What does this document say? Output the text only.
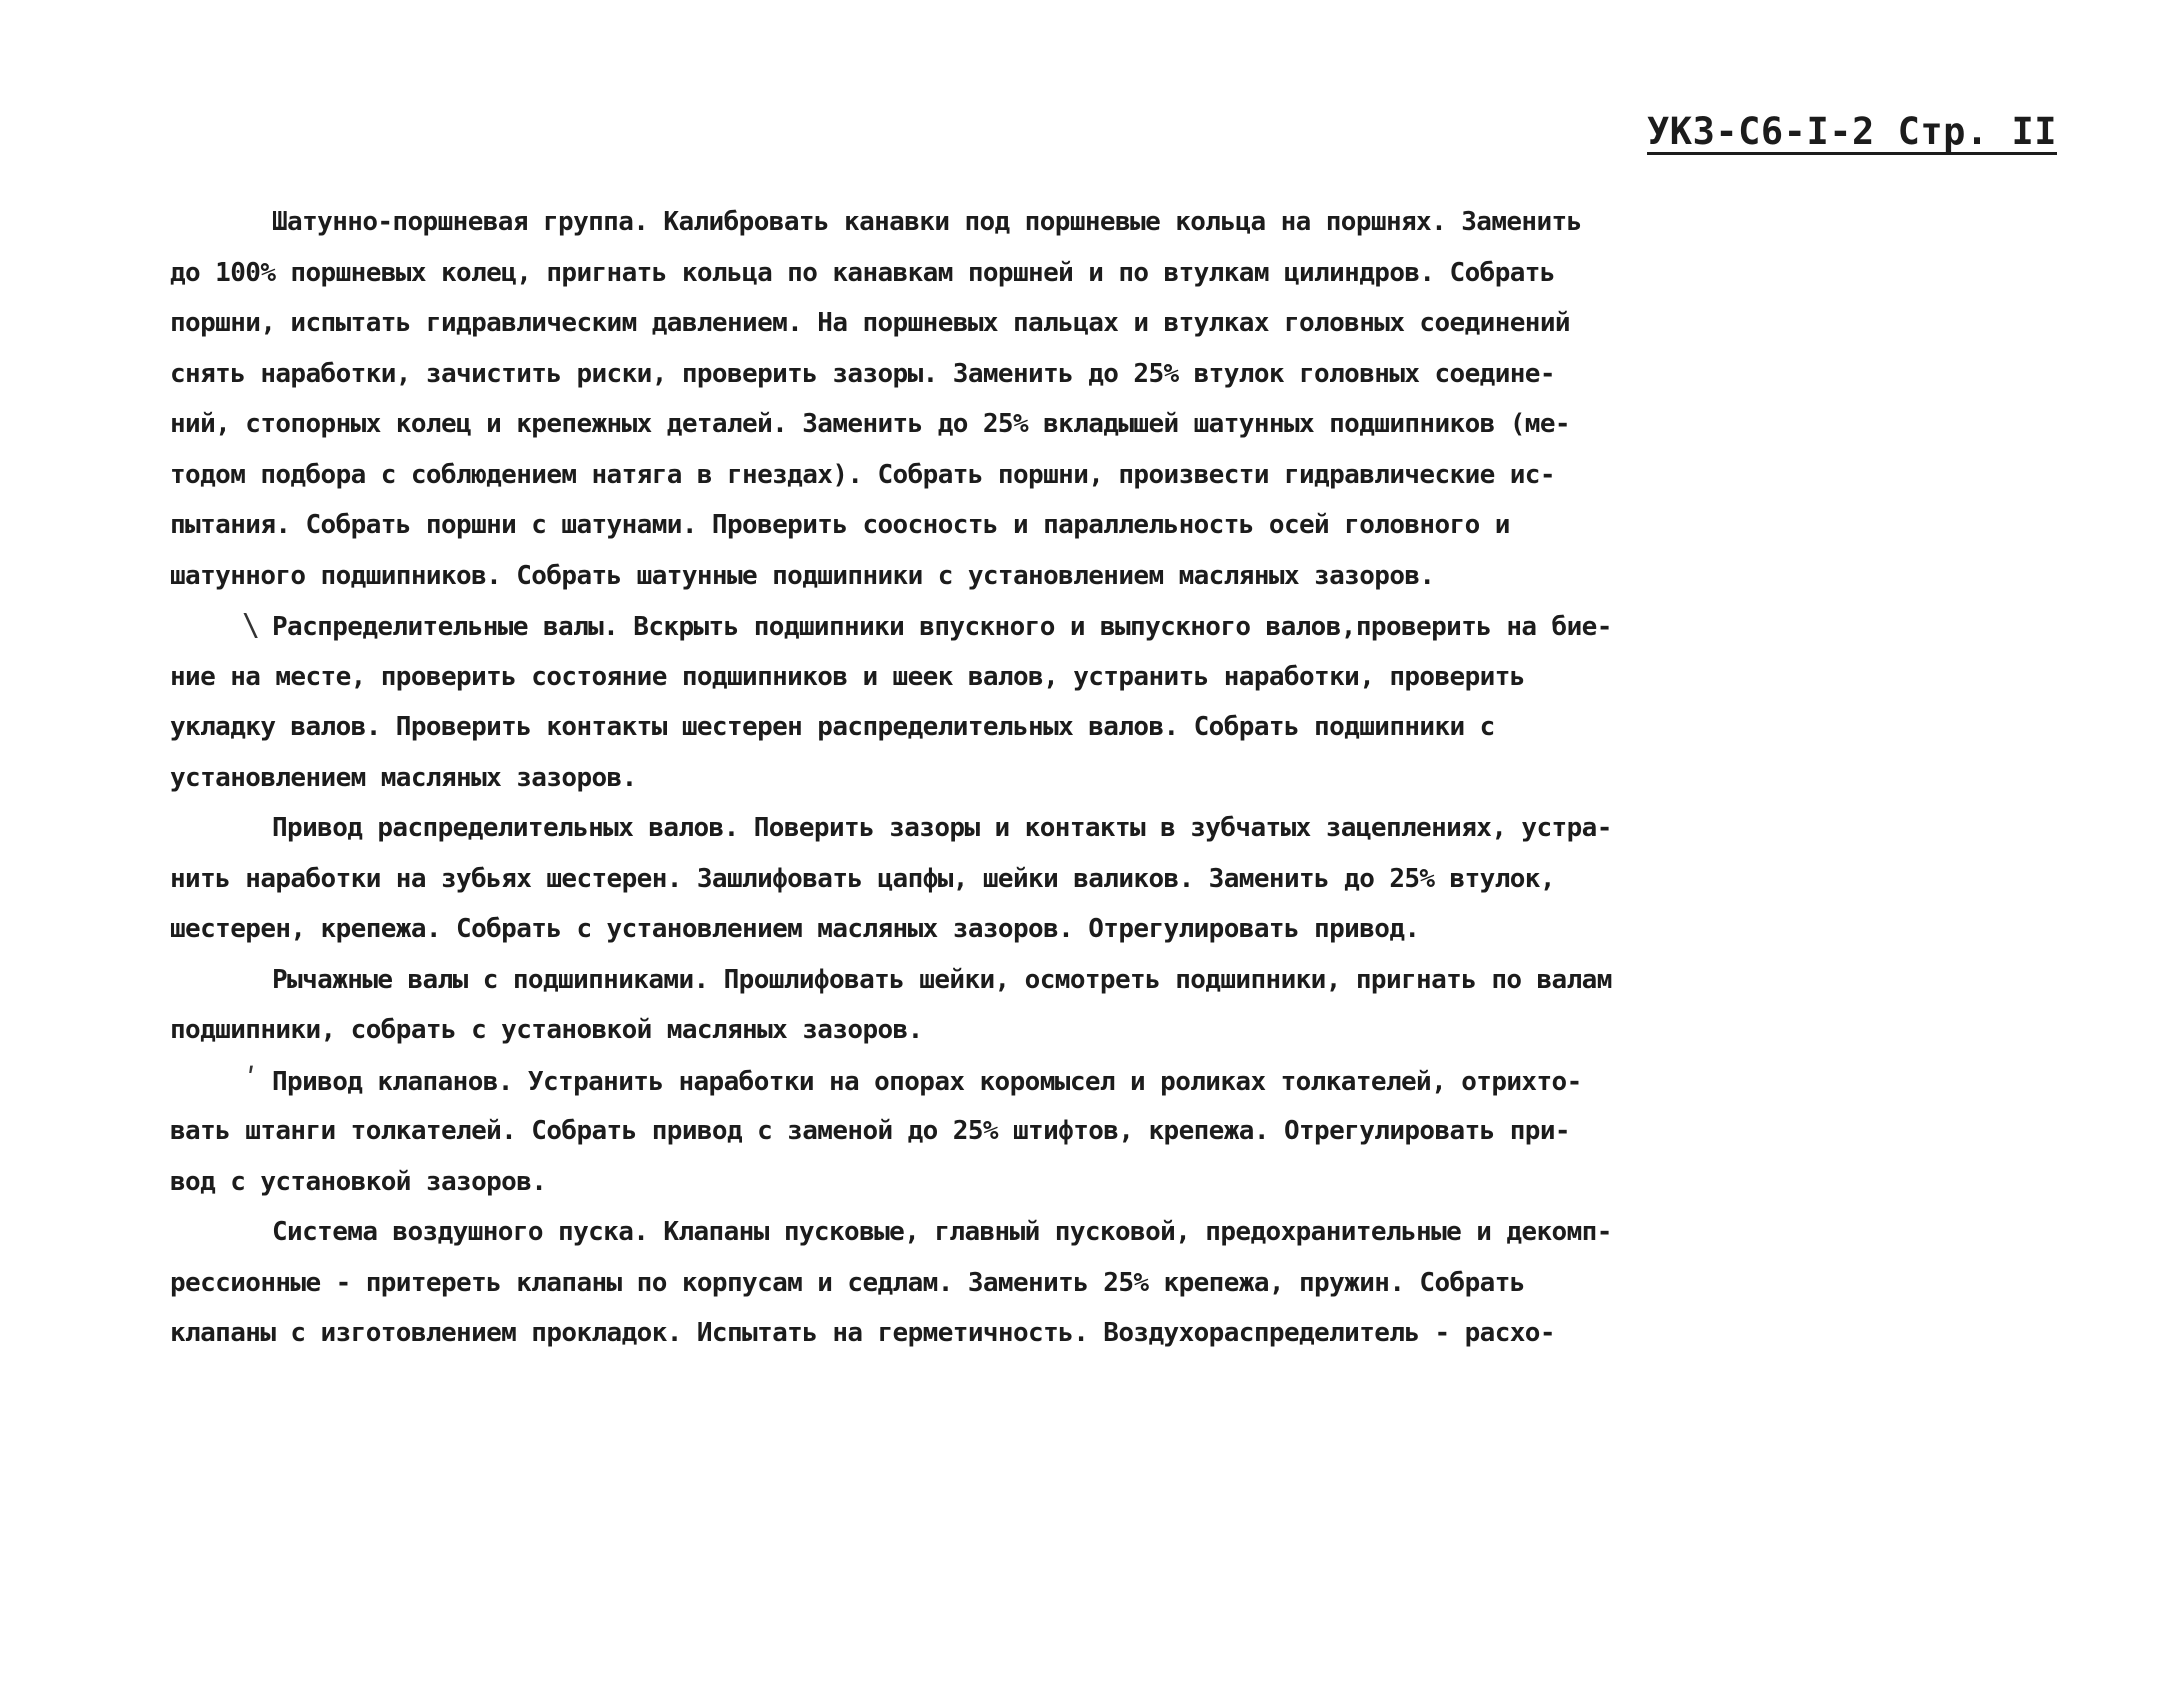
УКЗ-С6-I-2 Стр. II
Шатунно-поршневая группа. Калибровать канавки под поршневые кольца на поршнях. Заменить
до 100% поршневых колец, пригнать кольца по канавкам поршней и по втулкам цилиндров. Собрать
поршни, испытать гидравлическим давлением. На поршневых пальцах и втулках головных соединений
снять наработки, зачистить риски, проверить зазоры. Заменить до 25% втулок головных соедине-
ний, стопорных колец и крепежных деталей. Заменить до 25% вкладышей шатунных подшипников (ме-
тодом подбора с соблюдением натяга в гнездах). Собрать поршни, произвести гидравлические ис-
пытания. Собрать поршни с шатунами. Проверить соосность и параллельность осей головного и
шатунного подшипников. Собрать шатунные подшипники с установлением масляных зазоров.
\ Распределительные валы. Вскрыть подшипники впускного и выпускного валов,проверить на бие-
ние на месте, проверить состояние подшипников и шеек валов, устранить наработки, проверить
укладку валов. Проверить контакты шестерен распределительных валов. Собрать подшипники с
установлением масляных зазоров.
Привод распределительных валов. Поверить зазоры и контакты в зубчатых зацеплениях, устра-
нить наработки на зубьях шестерен. Зашлифовать цапфы, шейки валиков. Заменить до 25% втулок,
шестерен, крепежа. Собрать с установлением масляных зазоров. Отрегулировать привод.
Рычажные валы с подшипниками. Прошлифовать шейки, осмотреть подшипники, пригнать по валам
подшипники, собрать с установкой масляных зазоров.
ʹ Привод клапанов. Устранить наработки на опорах коромысел и роликах толкателей, отрихто-
вать штанги толкателей. Собрать привод с заменой до 25% штифтов, крепежа. Отрегулировать при-
вод с установкой зазоров.
Система воздушного пуска. Клапаны пусковые, главный пусковой, предохранительные и декомп-
рессионные - притереть клапаны по корпусам и седлам. Заменить 25% крепежа, пружин. Собрать
клапаны с изготовлением прокладок. Испытать на герметичность. Воздухораспределитель - расхо-
